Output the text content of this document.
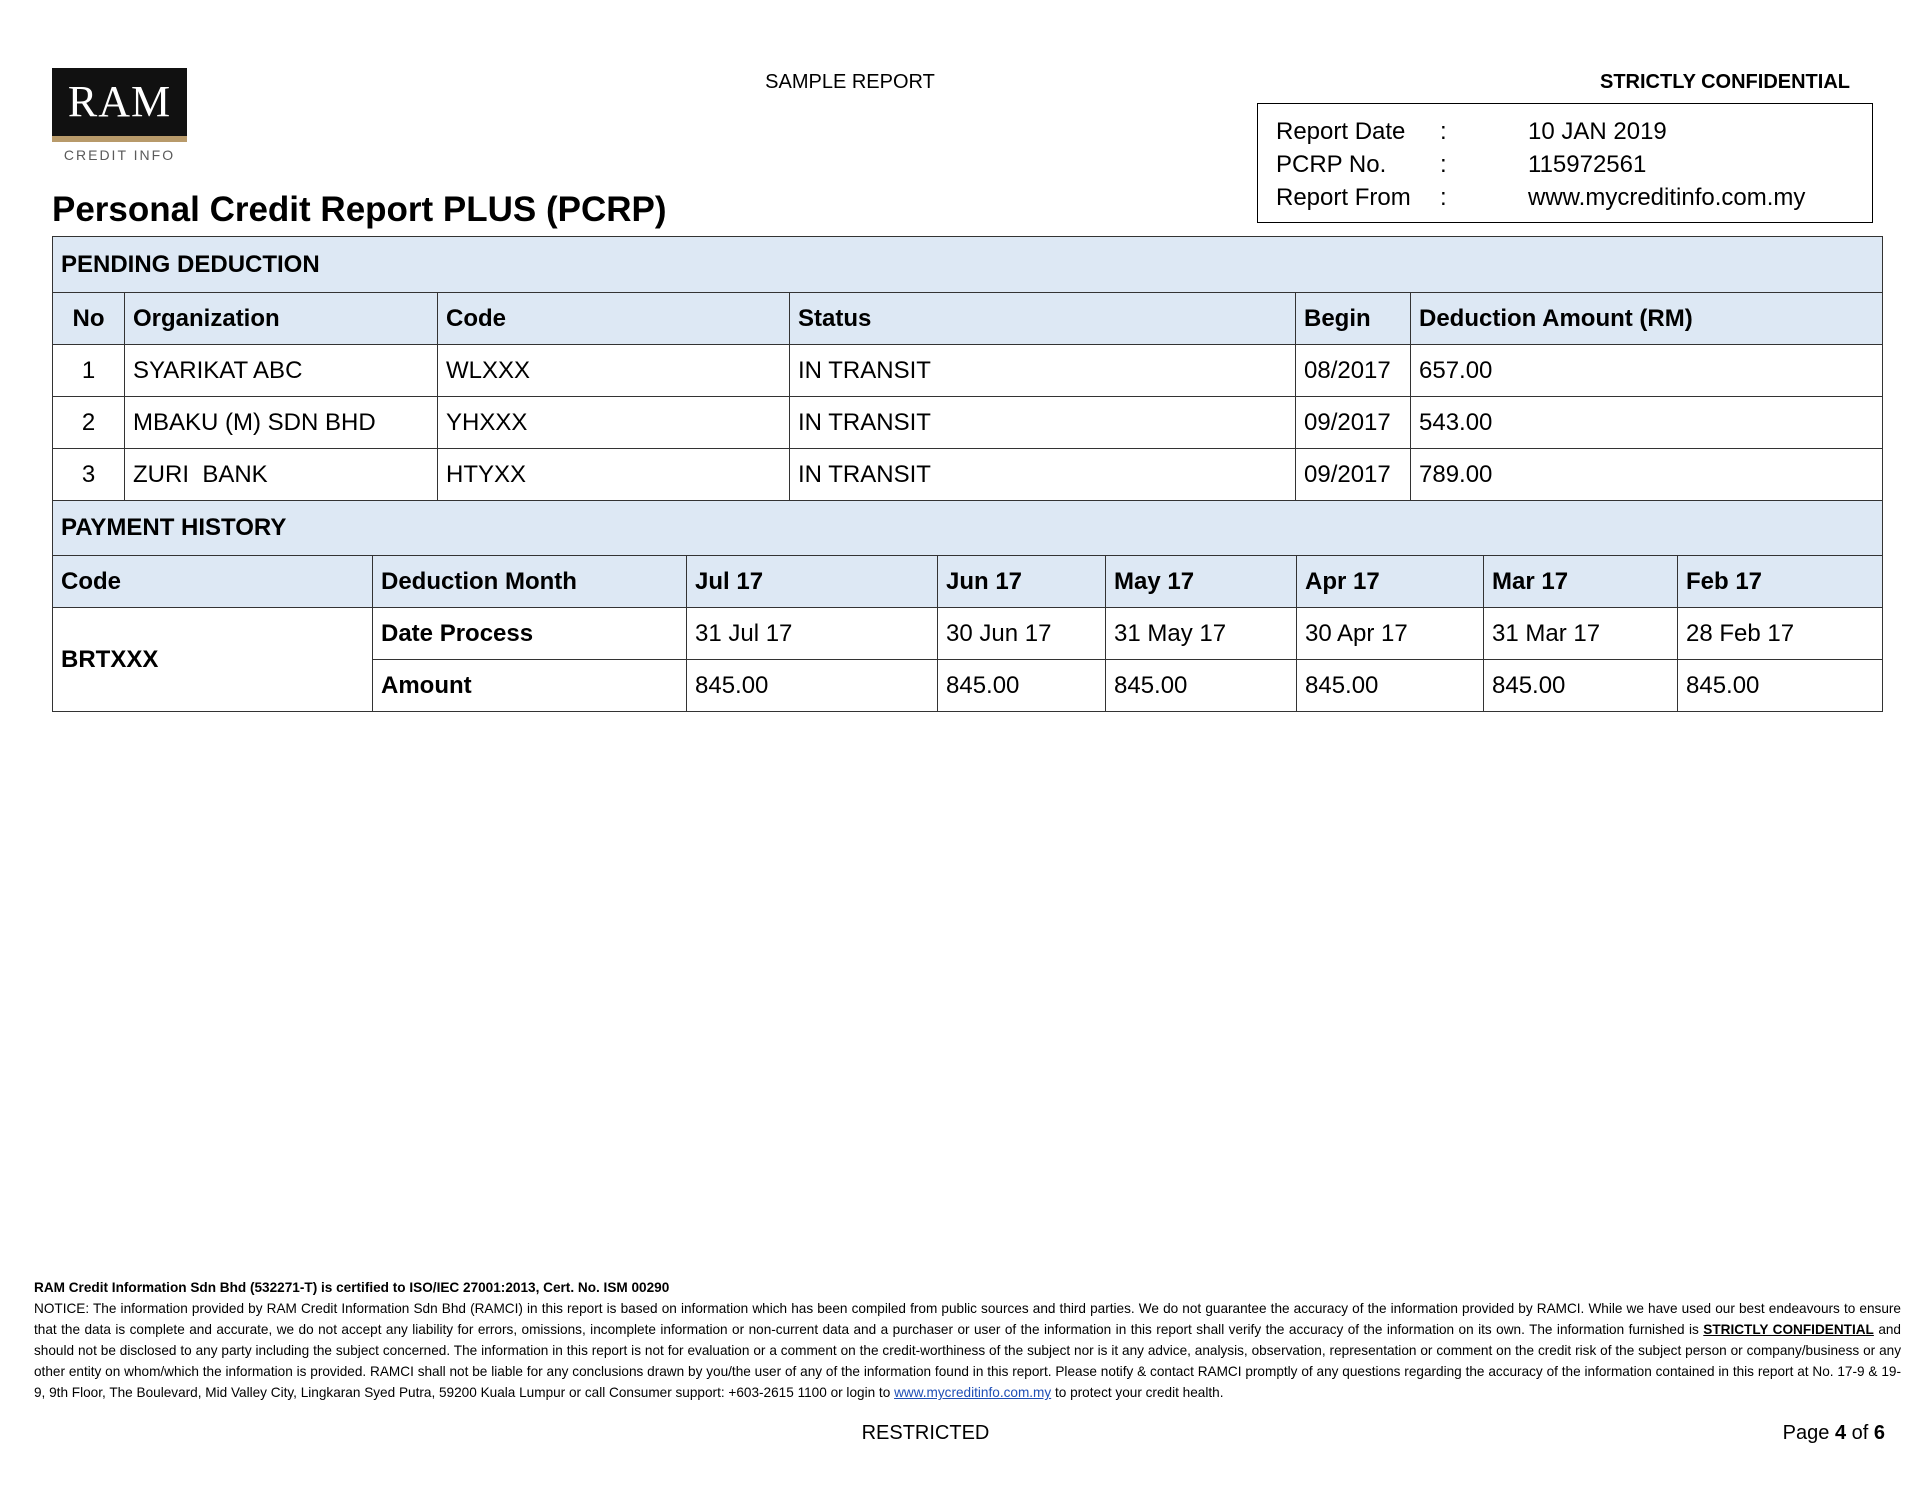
RAM
CREDIT INFO
SAMPLE REPORT	STRICTLY CONFIDENTIAL
Report Date	:	10 JAN 2019
PCRP No.	:	115972561
Report From	:	www.mycreditinfo.com.my
Personal Credit Report PLUS (PCRP)
PENDING DEDUCTION					
No	Organization	Code	Status	Begin	Deduction Amount (RM)
1	SYARIKAT ABC	WLXXX	IN TRANSIT	08/2017	657.00
2	MBAKU (M) SDN BHD	YHXXX	IN TRANSIT	09/2017	543.00
3	ZURI  BANK	HTYXX	IN TRANSIT	09/2017	789.00
PAYMENT HISTORY							
Code	Deduction Month	Jul 17	Jun 17	May 17	Apr 17	Mar 17	Feb 17
BRTXXX	Date Process	31 Jul 17	30 Jun 17	31 May 17	30 Apr 17	31 Mar 17	28 Feb 17
	Amount	845.00	845.00	845.00	845.00	845.00	845.00
RAM Credit Information Sdn Bhd (532271-T) is certified to ISO/IEC 27001:2013, Cert. No. ISM 00290
NOTICE: The information provided by RAM Credit Information Sdn Bhd (RAMCI) in this report is based on information which has been compiled from public sources and third parties. We do not guarantee the accuracy of the information provided by RAMCI. While we have used our best endeavours to ensure that the data is complete and accurate, we do not accept any liability for errors, omissions, incomplete information or non-current data and a purchaser or user of the information in this report shall verify the accuracy of the information on its own. The information furnished is STRICTLY CONFIDENTIAL and should not be disclosed to any party including the subject concerned. The information in this report is not for evaluation or a comment on the credit-worthiness of the subject nor is it any advice, analysis, observation, representation or comment on the credit risk of the subject person or company/business or any other entity on whom/which the information is provided. RAMCI shall not be liable for any conclusions drawn by you/the user of any of the information found in this report. Please notify & contact RAMCI promptly of any questions regarding the accuracy of the information contained in this report at No. 17-9 & 19-9, 9th Floor, The Boulevard, Mid Valley City, Lingkaran Syed Putra, 59200 Kuala Lumpur or call Consumer support: +603-2615 1100 or login to www.mycreditinfo.com.my to protect your credit health.
RESTRICTED	Page 4 of 6
